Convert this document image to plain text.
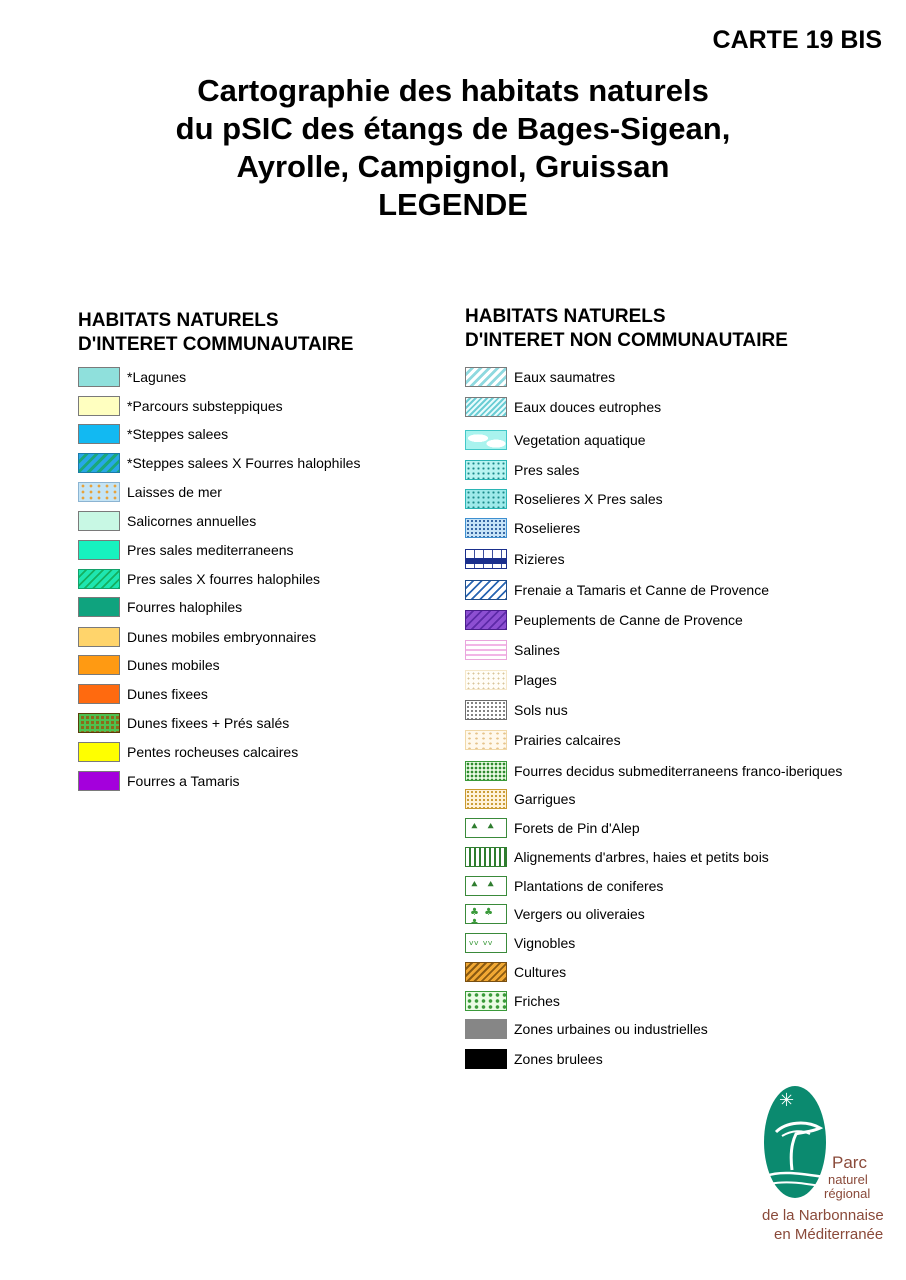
CARTE 19 BIS
Cartographie des habitats naturels
du pSIC des étangs de Bages-Sigean,
Ayrolle, Campignol, Gruissan
LEGENDE
HABITATS NATURELS
D'INTERET COMMUNAUTAIRE
*Lagunes
*Parcours substeppiques
*Steppes salees
*Steppes salees X Fourres halophiles
Laisses de mer
Salicornes annuelles
Pres sales mediterraneens
Pres sales X fourres halophiles
Fourres halophiles
Dunes mobiles embryonnaires
Dunes mobiles
Dunes fixees
Dunes fixees + Prés salés
Pentes rocheuses calcaires
Fourres a Tamaris
HABITATS NATURELS
D'INTERET NON COMMUNAUTAIRE
Eaux saumatres
Eaux douces eutrophes
Vegetation aquatique
Pres sales
Roselieres X Pres sales
Roselieres
Rizieres
Frenaie a Tamaris et Canne de Provence
Peuplements de Canne de Provence
Salines
Plages
Sols nus
Prairies calcaires
Fourres decidus submediterraneens franco-iberiques
Garrigues
⯅ ⯅ ⯅
Forets de Pin d'Alep
Alignements d'arbres, haies et petits bois
⯅ ⯅ ⯅
Plantations de coniferes
♣ ♣ ♣
Vergers ou oliveraies
ᵥᵥ ᵥᵥ ᵥᵥ
Vignobles
Cultures
Friches
Zones urbaines ou industrielles
Zones brulees
✳
Parc
naturel
régional
de la Narbonnaise
en Méditerranée
